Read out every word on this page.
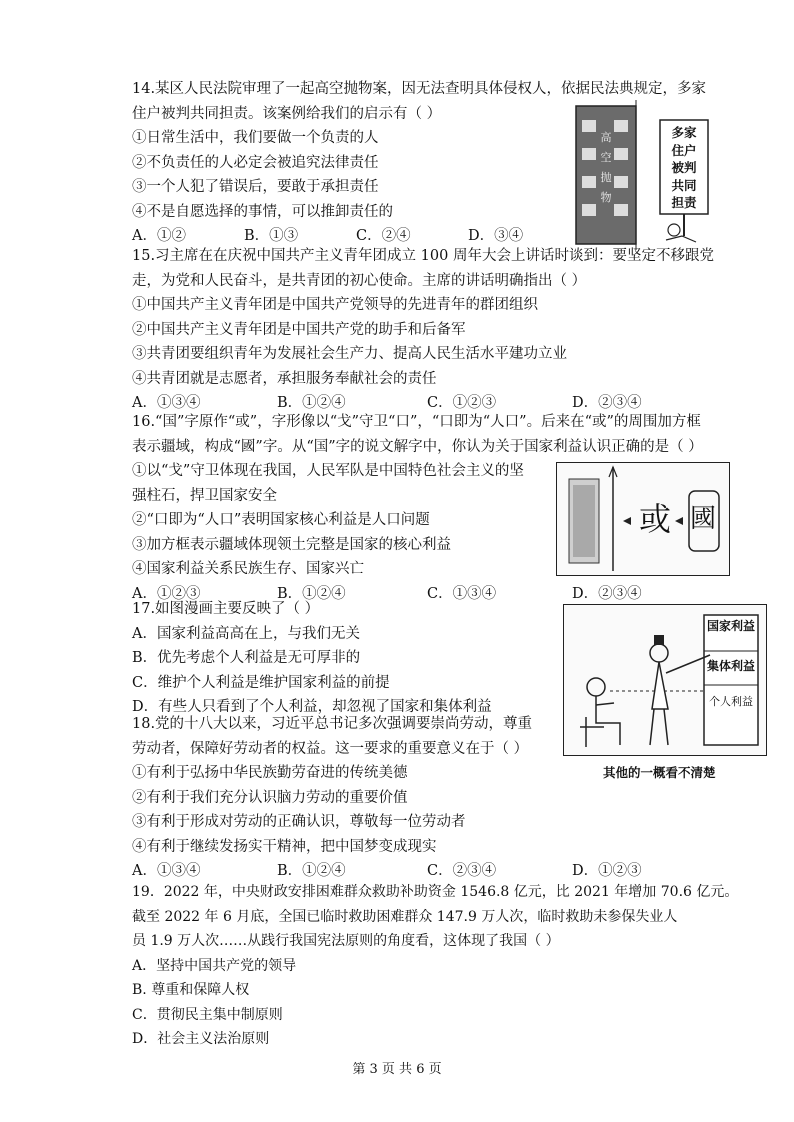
14.某区人民法院审理了一起高空抛物案，因无法查明具体侵权人，依据民法典规定，多家

住户被判共同担责。该案例给我们的启示有（ ）

①日常生活中，我们要做一个负责的人

②不负责任的人必定会被追究法律责任

③一个人犯了错误后，要敢于承担责任

④不是自愿选择的事情，可以推卸责任的

A．①②	B．①③	C．②④	D．③④
高
空
抛
物
多家
住户
被判
共同
担责

15.习主席在在庆祝中国共产主义青年团成立 100 周年大会上讲话时谈到：要坚定不移跟党

走，为党和人民奋斗，是共青团的初心使命。主席的讲话明确指出（ ）

①中国共产主义青年团是中国共产党领导的先进青年的群团组织

②中国共产主义青年团是中国共产党的助手和后备军

③共青团要组织青年为发展社会生产力、提高人民生活水平建功立业

④共青团就是志愿者，承担服务奉献社会的责任

A．①③④	B．①②④	C．①②③	D．②③④

16.“国”字原作“或”，字形像以“戈”守卫“口”，“口即为“人口”。后来在“或”的周围加方框

表示疆域，构成“國”字。从“国”字的说文解字中，你认为关于国家利益认识正确的是（ ）

①以“戈”守卫体现在我国，人民军队是中国特色社会主义的坚

强柱石，捍卫国家安全

②“口即为“人口”表明国家核心利益是人口问题

③加方框表示疆域体现领土完整是国家的核心利益

④国家利益关系民族生存、国家兴亡

A．①②③	B．①②④	C．①③④	D．②③④
或 國

17.如图漫画主要反映了（ ）

A．国家利益高高在上，与我们无关

B．优先考虑个人利益是无可厚非的

C．维护个人利益是维护国家利益的前提

D．有些人只看到了个人利益，却忽视了国家和集体利益

国家利益
集体利益
个人利益
其他的一概看不清楚

18.党的十八大以来，习近平总书记多次强调要崇尚劳动，尊重

劳动者，保障好劳动者的权益。这一要求的重要意义在于（ ）

①有利于弘扬中华民族勤劳奋进的传统美德

②有利于我们充分认识脑力劳动的重要价值

③有利于形成对劳动的正确认识，尊敬每一位劳动者

④有利于继续发扬实干精神，把中国梦变成现实

A．①③④	B．①②④	C．②③④	D．①②③

19．2022 年，中央财政安排困难群众救助补助资金 1546.8 亿元，比 2021 年增加 70.6 亿元。

截至 2022 年 6 月底，全国已临时救助困难群众 147.9 万人次，临时救助未参保失业人

员 1.9 万人次……从践行我国宪法原则的角度看，这体现了我国（ ）

A．坚持中国共产党的领导

B. 尊重和保障人权

C．贯彻民主集中制原则

D．社会主义法治原则

第 3 页 共 6 页
